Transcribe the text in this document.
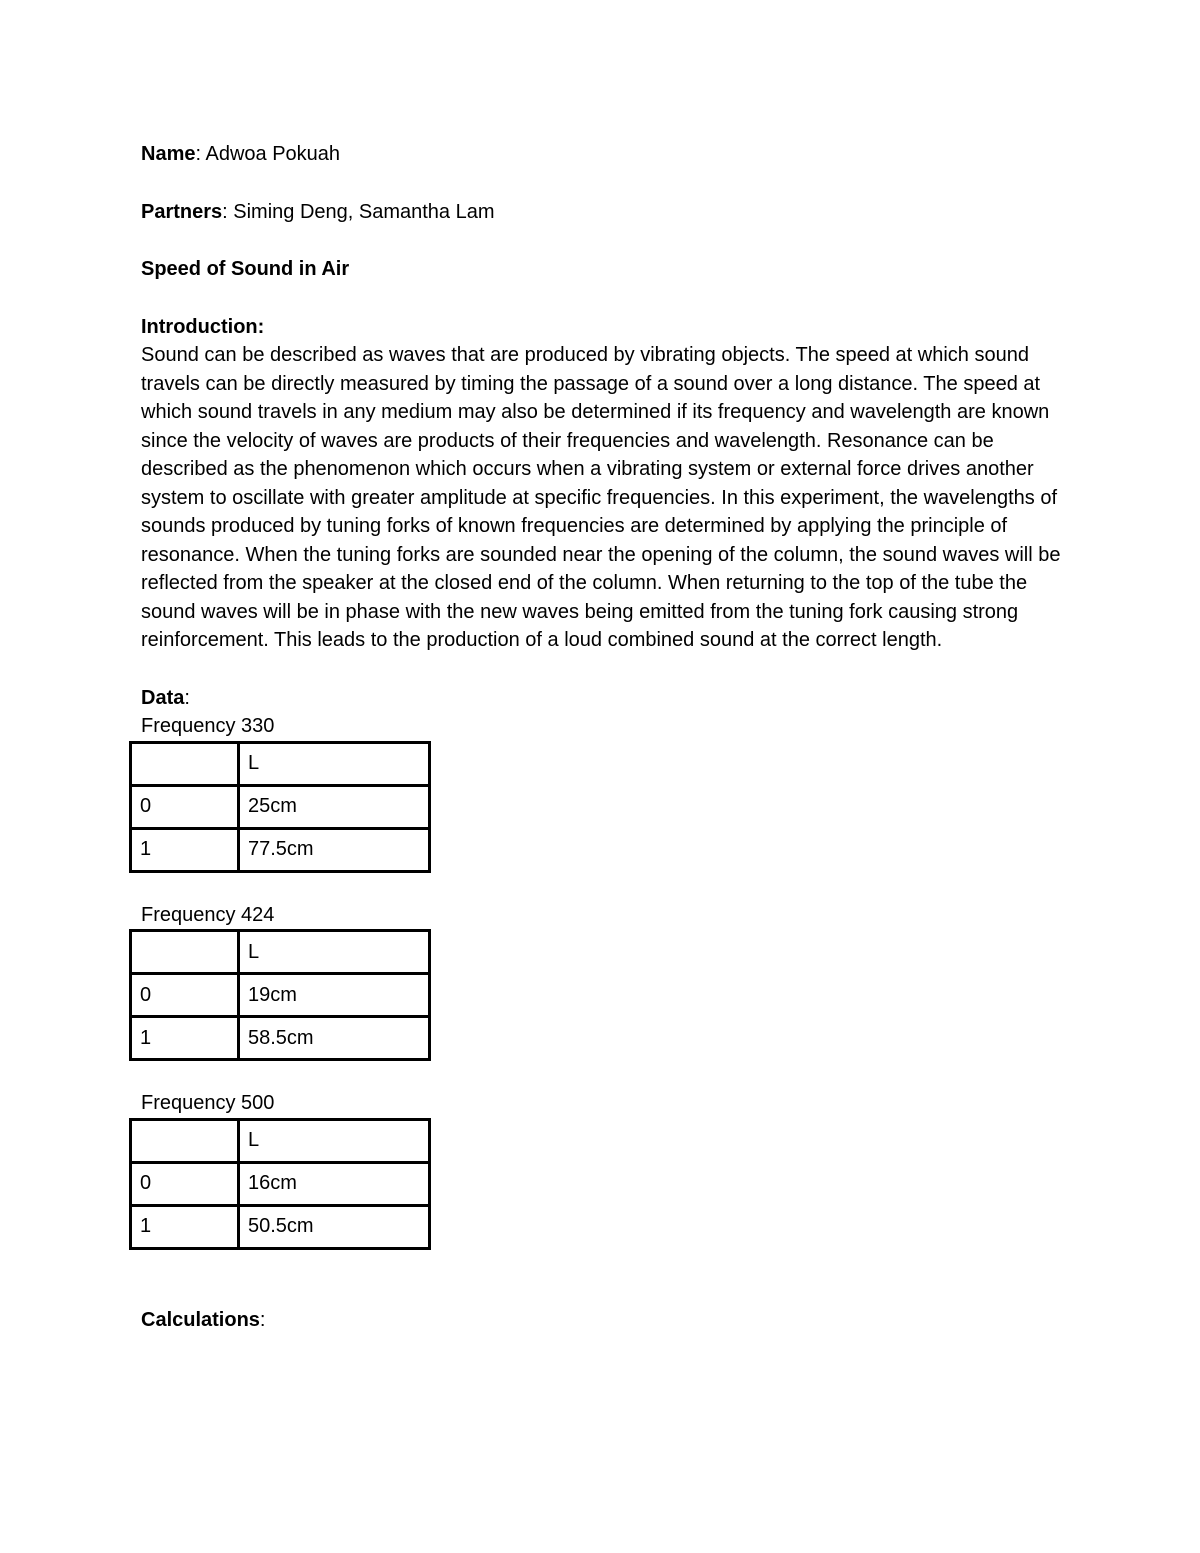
Name: Adwoa Pokuah

Partners: Siming Deng, Samantha Lam

Speed of Sound in Air

Introduction:

Sound can be described as waves that are produced by vibrating objects. The speed at which sound travels can be directly measured by timing the passage of a sound over a long distance. The speed at which sound travels in any medium may also be determined if its frequency and wavelength are known since the velocity of waves are products of their frequencies and wavelength. Resonance can be described as the phenomenon which occurs when a vibrating system or external force drives another system to oscillate with greater amplitude at specific frequencies. In this experiment, the wavelengths of sounds produced by tuning forks of known frequencies are determined by applying the principle of resonance. When the tuning forks are sounded near the opening of the column, the sound waves will be reflected from the speaker at the closed end of the column. When returning to the top of the tube the sound waves will be in phase with the new waves being emitted from the tuning fork causing strong reinforcement. This leads to the production of a loud combined sound at the correct length.

Data:

Frequency 330

	L
0	25cm
1	77.5cm

Frequency 424

	L
0	19cm
1	58.5cm

Frequency 500

	L
0	16cm
1	50.5cm

Calculations:
